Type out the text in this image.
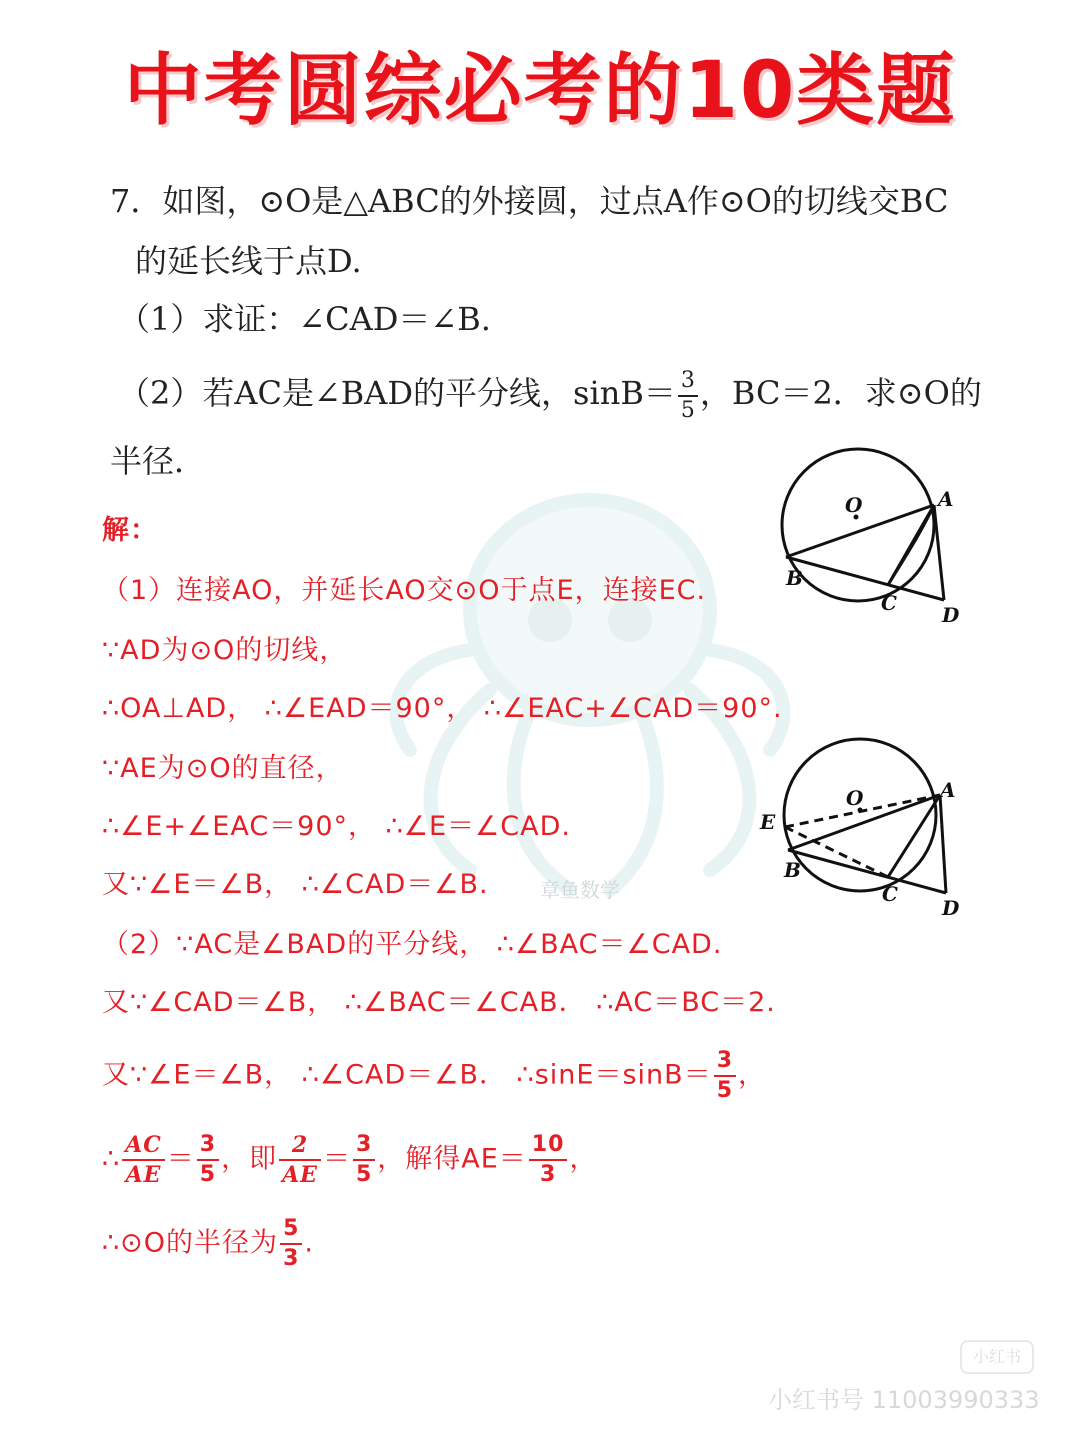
中考圆综必考的10类题
7．如图，⊙O是△ABC的外接圆，过点A作⊙O的切线交BC
的延长线于点D.
（1）求证：∠CAD＝∠B.
（2）若AC是∠BAD的平分线，$\sin B= \frac{3}{5}$ ，BC＝2．求⊙O的
半径．
O	A
B
C D
O	A
E
B
C
D
解：
（1）连接AO，并延长AO交⊙O于点E，连接EC.
∵AD为⊙O的切线，
∴OA⊥AD， ∴∠EAD＝90°， ∴∠EAC+∠CAD＝90°.
∵AE为⊙O的直径，
∴∠E+∠EAC＝90°， ∴∠E＝∠CAD.
又∵∠E＝∠B， ∴∠CAD＝∠B.
（2）∵AC是∠BAD的平分线， ∴∠BAC＝∠CAD.
又∵∠CAD＝∠B， ∴∠BAC＝∠CAB． ∴AC＝BC＝2.
又∵∠E＝∠B， ∴∠CAD＝∠B． ∴sinE＝sinB＝ $\frac{3}{5}$ ，
∴ $\frac{AC}{AE} = \frac{3}{5}$ ，即 $\frac{2}{AE} = \frac{3}{5}$ ，解得$AE= \frac{10}{3}$ ，
∴⊙O的半径为 $\frac{5}{3}$ .
章鱼数学
小红书
小红书号 11003990333
